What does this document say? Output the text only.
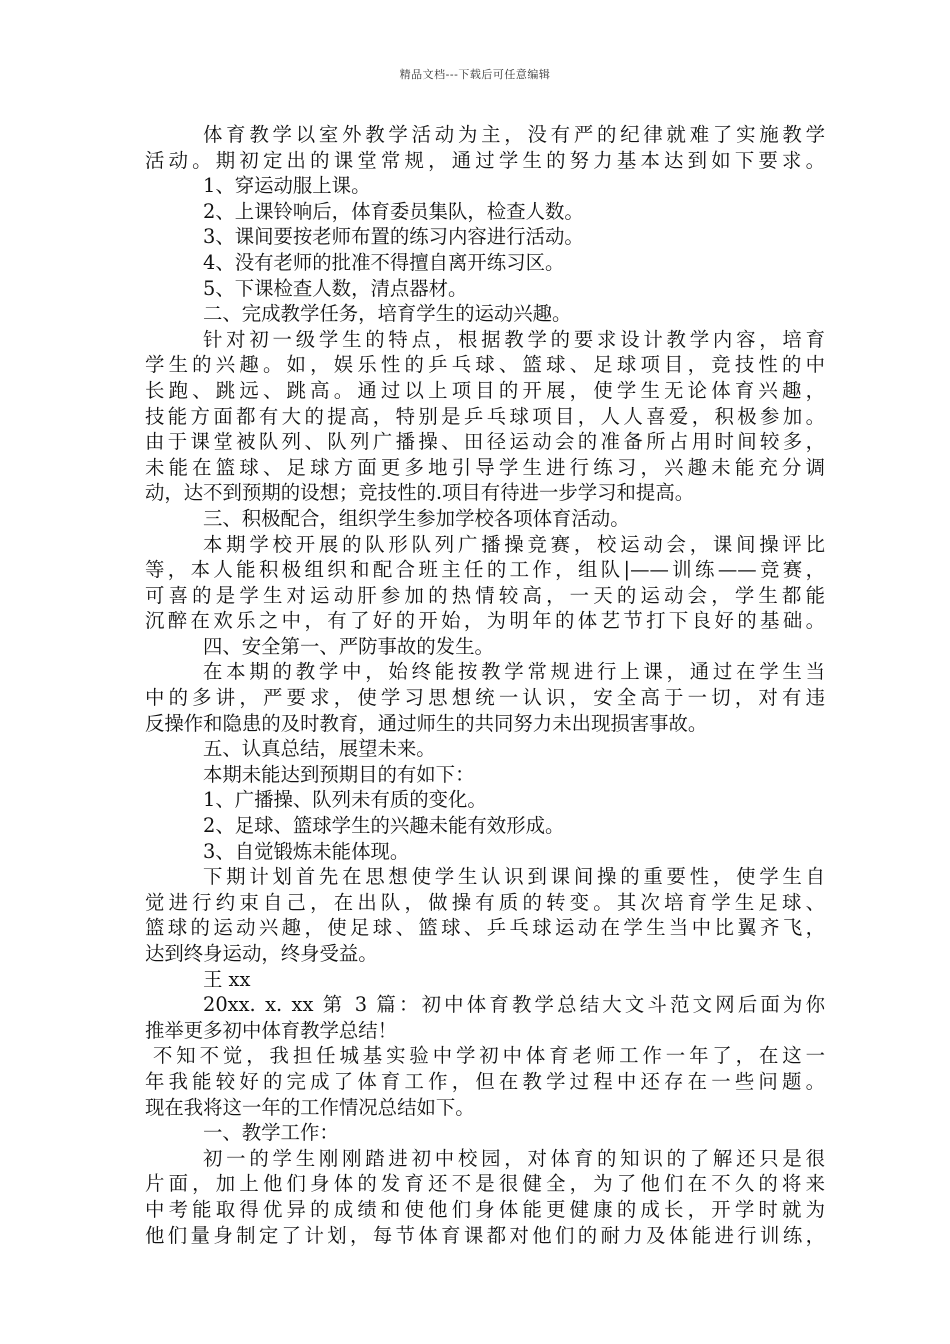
精品文档---下载后可任意编辑
体育教学以室外教学活动为主，没有严的纪律就难了实施教学
活动。期初定出的课堂常规，通过学生的努力基本达到如下要求。
1、穿运动服上课。
2、上课铃响后，体育委员集队，检查人数。
3、课间要按老师布置的练习内容进行活动。
4、没有老师的批准不得擅自离开练习区。
5、下课检查人数，清点器材。
二、完成教学任务，培育学生的运动兴趣。
针对初一级学生的特点，根据教学的要求设计教学内容，培育
学生的兴趣。如，娱乐性的乒乓球、篮球、足球项目，竞技性的中
长跑、跳远、跳高。通过以上项目的开展，使学生无论体育兴趣，
技能方面都有大的提高，特别是乒乓球项目，人人喜爱，积极参加。
由于课堂被队列、队列广播操、田径运动会的准备所占用时间较多，
未能在篮球、足球方面更多地引导学生进行练习，兴趣未能充分调
动，达不到预期的设想；竞技性的.项目有待进一步学习和提高。
三、积极配合，组织学生参加学校各项体育活动。
本期学校开展的队形队列广播操竞赛，校运动会，课间操评比
等，本人能积极组织和配合班主任的工作，组队|——训练——竞赛，
可喜的是学生对运动肝参加的热情较高，一天的运动会，学生都能
沉醉在欢乐之中，有了好的开始，为明年的体艺节打下良好的基础。
四、安全第一、严防事故的发生。
在本期的教学中，始终能按教学常规进行上课，通过在学生当
中的多讲，严要求，使学习思想统一认识，安全高于一切，对有违
反操作和隐患的及时教育，通过师生的共同努力未出现损害事故。
五、认真总结，展望未来。
本期未能达到预期目的有如下：
1、广播操、队列未有质的变化。
2、足球、篮球学生的兴趣未能有效形成。
3、自觉锻炼未能体现。
下期计划首先在思想使学生认识到课间操的重要性，使学生自
觉进行约束自己，在出队，做操有质的转变。其次培育学生足球、
篮球的运动兴趣，使足球、篮球、乒乓球运动在学生当中比翼齐飞，
达到终身运动，终身受益。
王 xx
20xx. x. xx 第 3 篇：初中体育教学总结大文斗范文网后面为你
推举更多初中体育教学总结！
不知不觉，我担任城基实验中学初中体育老师工作一年了，在这一
年我能较好的完成了体育工作，但在教学过程中还存在一些问题。
现在我将这一年的工作情况总结如下。
一、教学工作：
初一的学生刚刚踏进初中校园，对体育的知识的了解还只是很
片面，加上他们身体的发育还不是很健全，为了他们在不久的将来
中考能取得优异的成绩和使他们身体能更健康的成长，开学时就为
他们量身制定了计划，每节体育课都对他们的耐力及体能进行训练，
